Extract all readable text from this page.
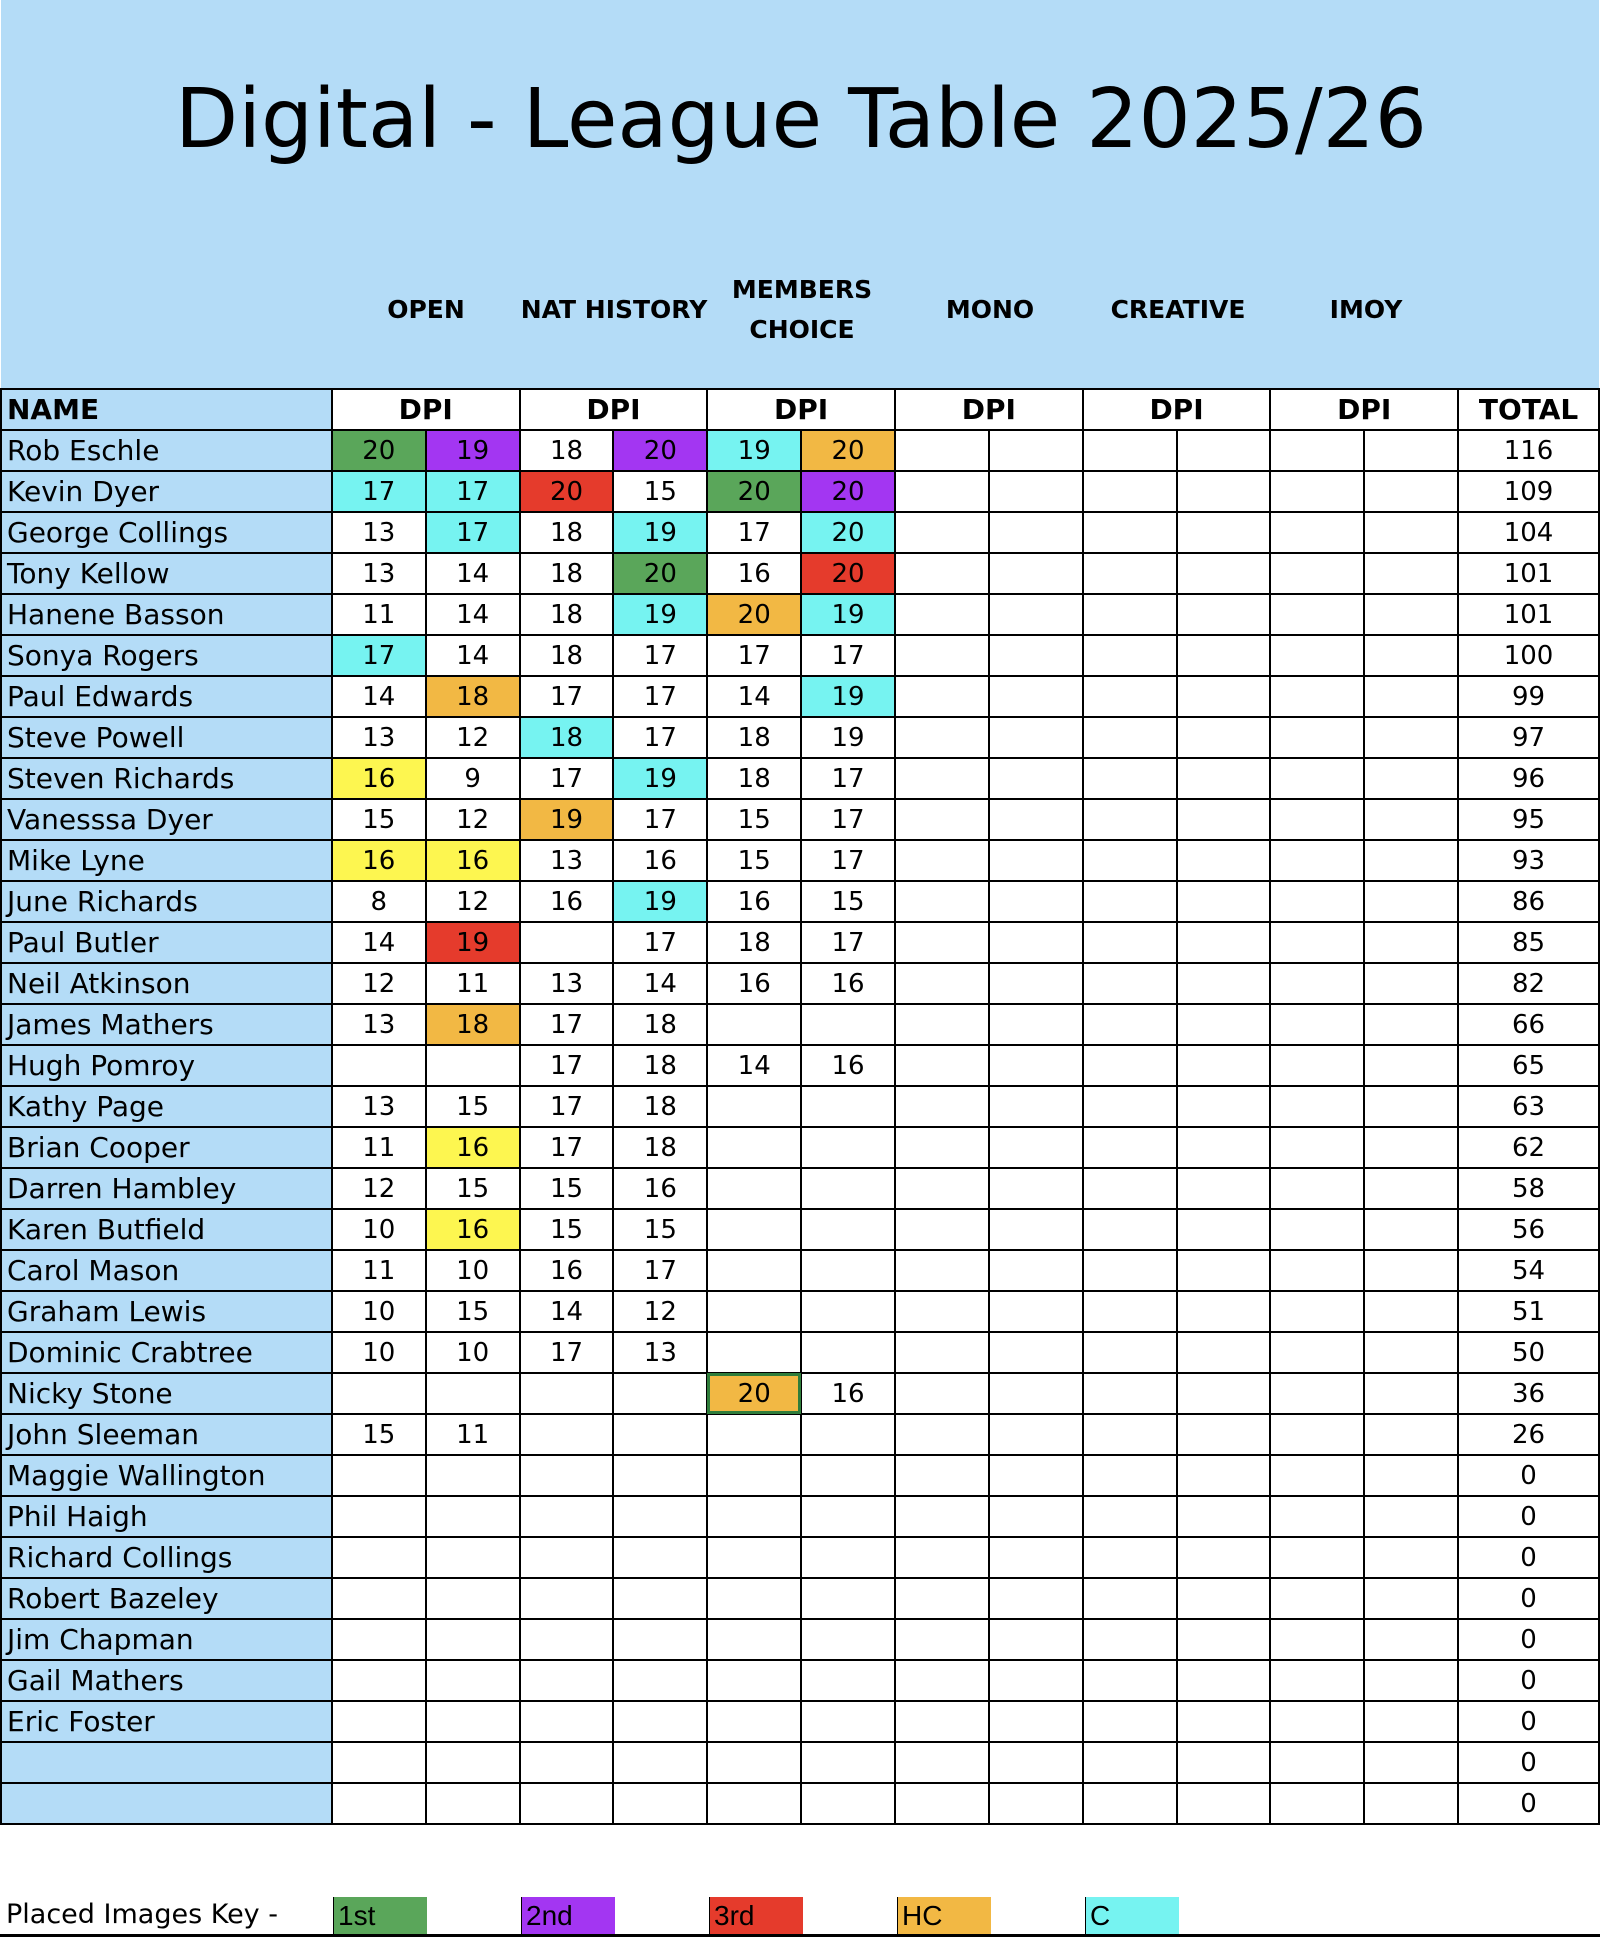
Digital - League Table 2025/26
OPEN	NAT HISTORY
MEMBERS
CHOICE
MONO	CREATIVE	IMOY
NAME	DPI		DPI		DPI		DPI		DPI		DPI		TOTAL
Rob Eschle	20	19	18	20	19	20							116
Kevin Dyer	17	17	20	15	20	20							109
George Collings	13	17	18	19	17	20							104
Tony Kellow	13	14	18	20	16	20							101
Hanene Basson	11	14	18	19	20	19							101
Sonya Rogers	17	14	18	17	17	17							100
Paul Edwards	14	18	17	17	14	19							99
Steve Powell	13	12	18	17	18	19							97
Steven Richards	16	9	17	19	18	17							96
Vanesssa Dyer	15	12	19	17	15	17							95
Mike Lyne	16	16	13	16	15	17							93
June Richards	8	12	16	19	16	15							86
Paul Butler	14	19		17	18	17							85
Neil Atkinson	12	11	13	14	16	16							82
James Mathers	13	18	17	18									66
Hugh Pomroy			17	18	14	16							65
Kathy Page	13	15	17	18									63
Brian Cooper	11	16	17	18									62
Darren Hambley	12	15	15	16									58
Karen Butfield	10	16	15	15									56
Carol Mason	11	10	16	17									54
Graham Lewis	10	15	14	12									51
Dominic Crabtree	10	10	17	13									50
Nicky Stone					20	16							36
John Sleeman	15	11											26
Maggie Wallington													0
Phil Haigh													0
Richard Collings													0
Robert Bazeley													0
Jim Chapman													0
Gail Mathers													0
Eric Foster													0
													0
													0
Placed Images Key - 1st	2nd	3rd	HC	C
